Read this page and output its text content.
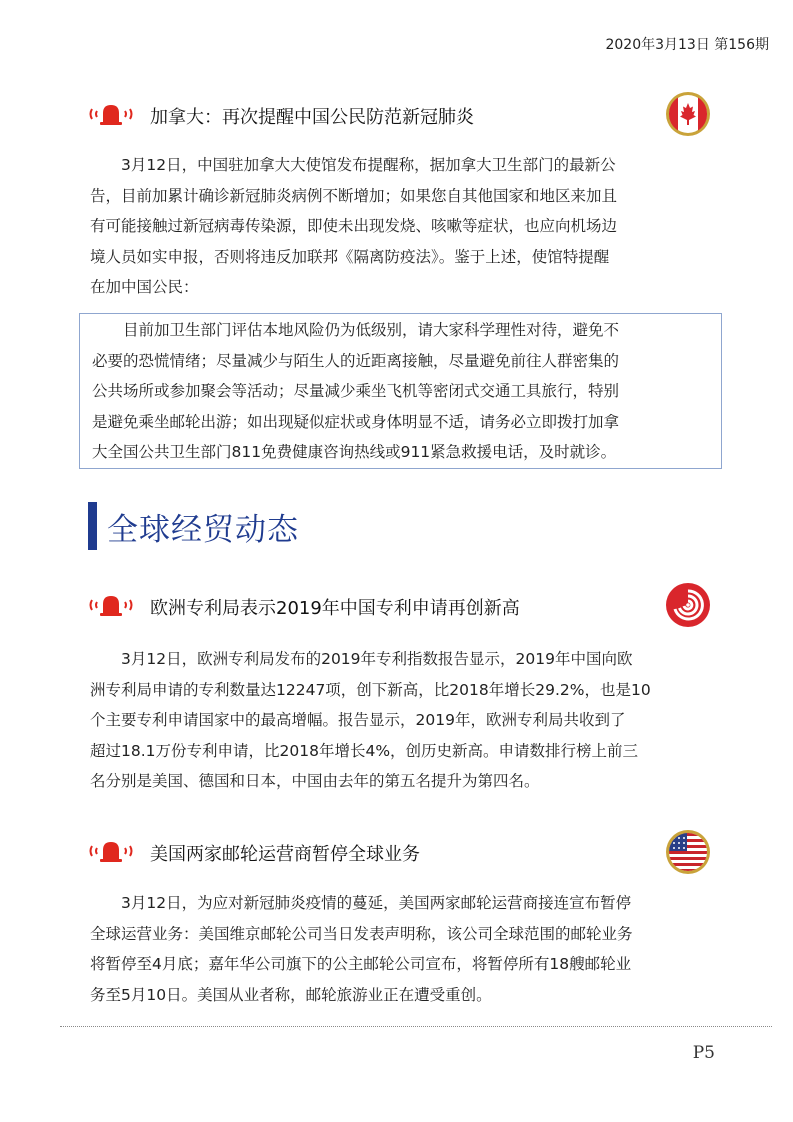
2020年3月13日 第156期
加拿大：再次提醒中国公民防范新冠肺炎
　　3月12日，中国驻加拿大大使馆发布提醒称，据加拿大卫生部门的最新公
告，目前加累计确诊新冠肺炎病例不断增加；如果您自其他国家和地区来加且
有可能接触过新冠病毒传染源，即使未出现发烧、咳嗽等症状，也应向机场边
境人员如实申报，否则将违反加联邦《隔离防疫法》。鉴于上述，使馆特提醒
在加中国公民：
　　目前加卫生部门评估本地风险仍为低级别，请大家科学理性对待，避免不
必要的恐慌情绪；尽量减少与陌生人的近距离接触，尽量避免前往人群密集的
公共场所或参加聚会等活动；尽量减少乘坐飞机等密闭式交通工具旅行，特别
是避免乘坐邮轮出游；如出现疑似症状或身体明显不适，请务必立即拨打加拿
大全国公共卫生部门811免费健康咨询热线或911紧急救援电话，及时就诊。
全球经贸动态
欧洲专利局表示2019年中国专利申请再创新高
　　3月12日，欧洲专利局发布的2019年专利指数报告显示，2019年中国向欧
洲专利局申请的专利数量达12247项，创下新高，比2018年增长29.2%，也是10
个主要专利申请国家中的最高增幅。报告显示，2019年，欧洲专利局共收到了
超过18.1万份专利申请，比2018年增长4%，创历史新高。申请数排行榜上前三
名分别是美国、德国和日本，中国由去年的第五名提升为第四名。
美国两家邮轮运营商暂停全球业务
　　3月12日，为应对新冠肺炎疫情的蔓延，美国两家邮轮运营商接连宣布暂停
全球运营业务：美国维京邮轮公司当日发表声明称，该公司全球范围的邮轮业务
将暂停至4月底；嘉年华公司旗下的公主邮轮公司宣布，将暂停所有18艘邮轮业
务至5月10日。美国从业者称，邮轮旅游业正在遭受重创。
P5
